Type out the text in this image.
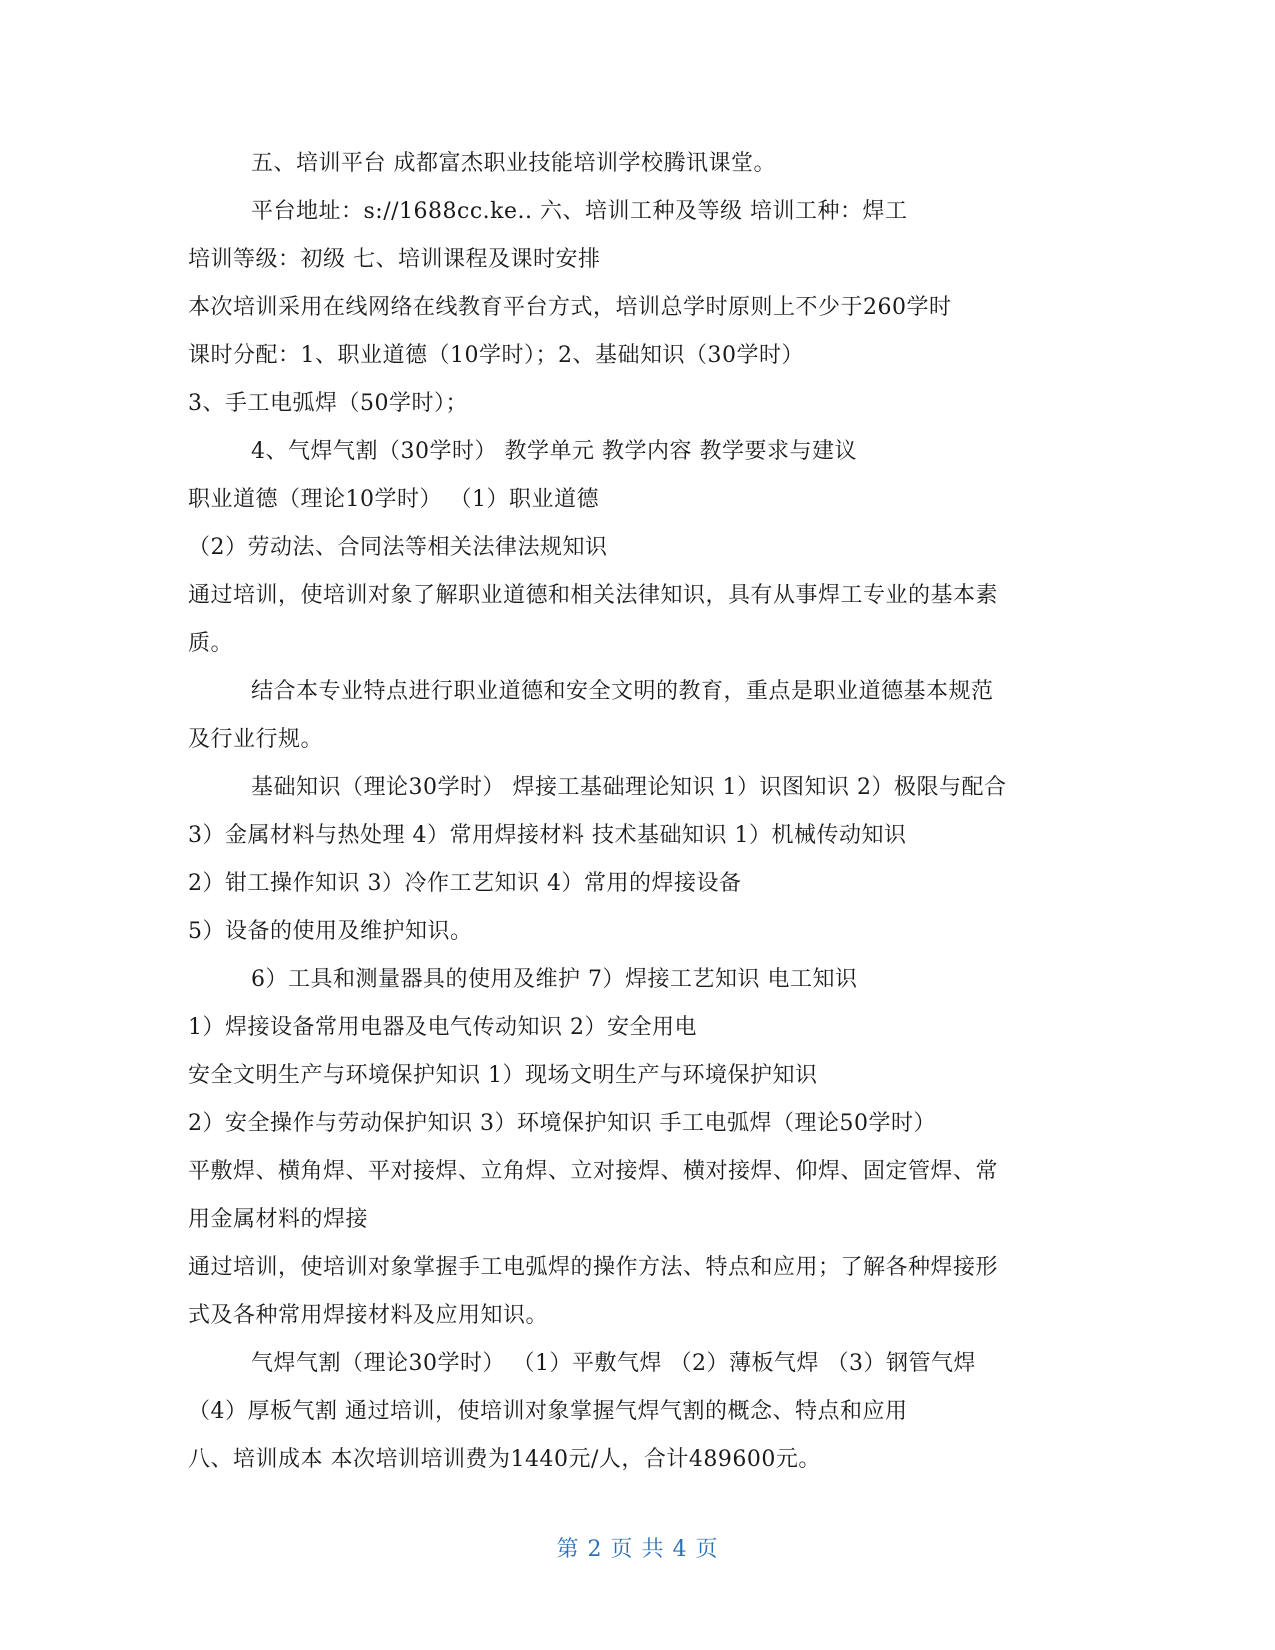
五、培训平台 成都富杰职业技能培训学校腾讯课堂。
平台地址：s://1688cc.ke.. 六、培训工种及等级 培训工种：焊工
培训等级：初级 七、培训课程及课时安排
本次培训采用在线网络在线教育平台方式，培训总学时原则上不少于260学时
课时分配：1、职业道德（10学时）；2、基础知识（30学时）
3、手工电弧焊（50学时）；
4、气焊气割（30学时） 教学单元 教学内容 教学要求与建议
职业道德（理论10学时） （1）职业道德
（2）劳动法、合同法等相关法律法规知识
通过培训，使培训对象了解职业道德和相关法律知识，具有从事焊工专业的基本素
质。
结合本专业特点进行职业道德和安全文明的教育，重点是职业道德基本规范
及行业行规。
基础知识（理论30学时） 焊接工基础理论知识 1）识图知识 2）极限与配合
3）金属材料与热处理 4）常用焊接材料 技术基础知识 1）机械传动知识
2）钳工操作知识 3）冷作工艺知识 4）常用的焊接设备
5）设备的使用及维护知识。
6）工具和测量器具的使用及维护 7）焊接工艺知识 电工知识
1）焊接设备常用电器及电气传动知识 2）安全用电
安全文明生产与环境保护知识 1）现场文明生产与环境保护知识
2）安全操作与劳动保护知识 3）环境保护知识 手工电弧焊（理论50学时）
平敷焊、横角焊、平对接焊、立角焊、立对接焊、横对接焊、仰焊、固定管焊、常
用金属材料的焊接
通过培训，使培训对象掌握手工电弧焊的操作方法、特点和应用；了解各种焊接形
式及各种常用焊接材料及应用知识。
气焊气割（理论30学时） （1）平敷气焊 （2）薄板气焊 （3）钢管气焊
（4）厚板气割 通过培训，使培训对象掌握气焊气割的概念、特点和应用
八、培训成本 本次培训培训费为1440元/人，合计489600元。
第 2 页 共 4 页
